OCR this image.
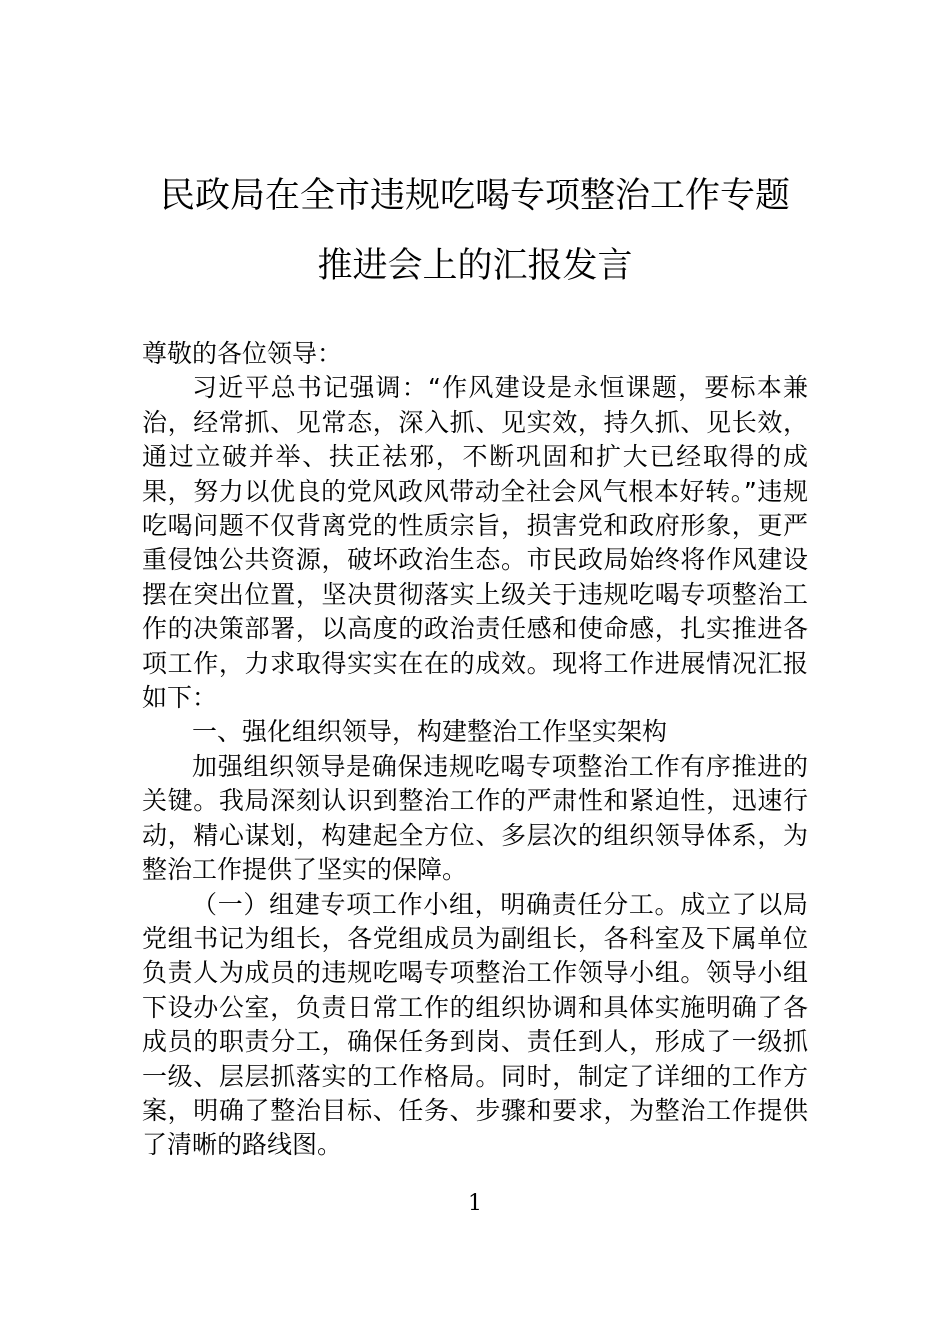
民政局在全市违规吃喝专项整治工作专题
推进会上的汇报发言

尊敬的各位领导：

习近平总书记强调：“作风建设是永恒课题，要标本兼治，经常抓、见常态，深入抓、见实效，持久抓、见长效，通过立破并举、扶正祛邪，不断巩固和扩大已经取得的成果，努力以优良的党风政风带动全社会风气根本好转。”违规吃喝问题不仅背离党的性质宗旨，损害党和政府形象，更严重侵蚀公共资源，破坏政治生态。市民政局始终将作风建设摆在突出位置，坚决贯彻落实上级关于违规吃喝专项整治工作的决策部署，以高度的政治责任感和使命感，扎实推进各项工作，力求取得实实在在的成效。现将工作进展情况汇报如下：

一、强化组织领导，构建整治工作坚实架构

加强组织领导是确保违规吃喝专项整治工作有序推进的关键。我局深刻认识到整治工作的严肃性和紧迫性，迅速行动，精心谋划，构建起全方位、多层次的组织领导体系，为整治工作提供了坚实的保障。

（一）组建专项工作小组，明确责任分工。成立了以局党组书记为组长，各党组成员为副组长，各科室及下属单位负责人为成员的违规吃喝专项整治工作领导小组。领导小组下设办公室，负责日常工作的组织协调和具体实施明确了各成员的职责分工，确保任务到岗、责任到人，形成了一级抓一级、层层抓落实的工作格局。同时，制定了详细的工作方案，明确了整治目标、任务、步骤和要求，为整治工作提供了清晰的路线图。

1
